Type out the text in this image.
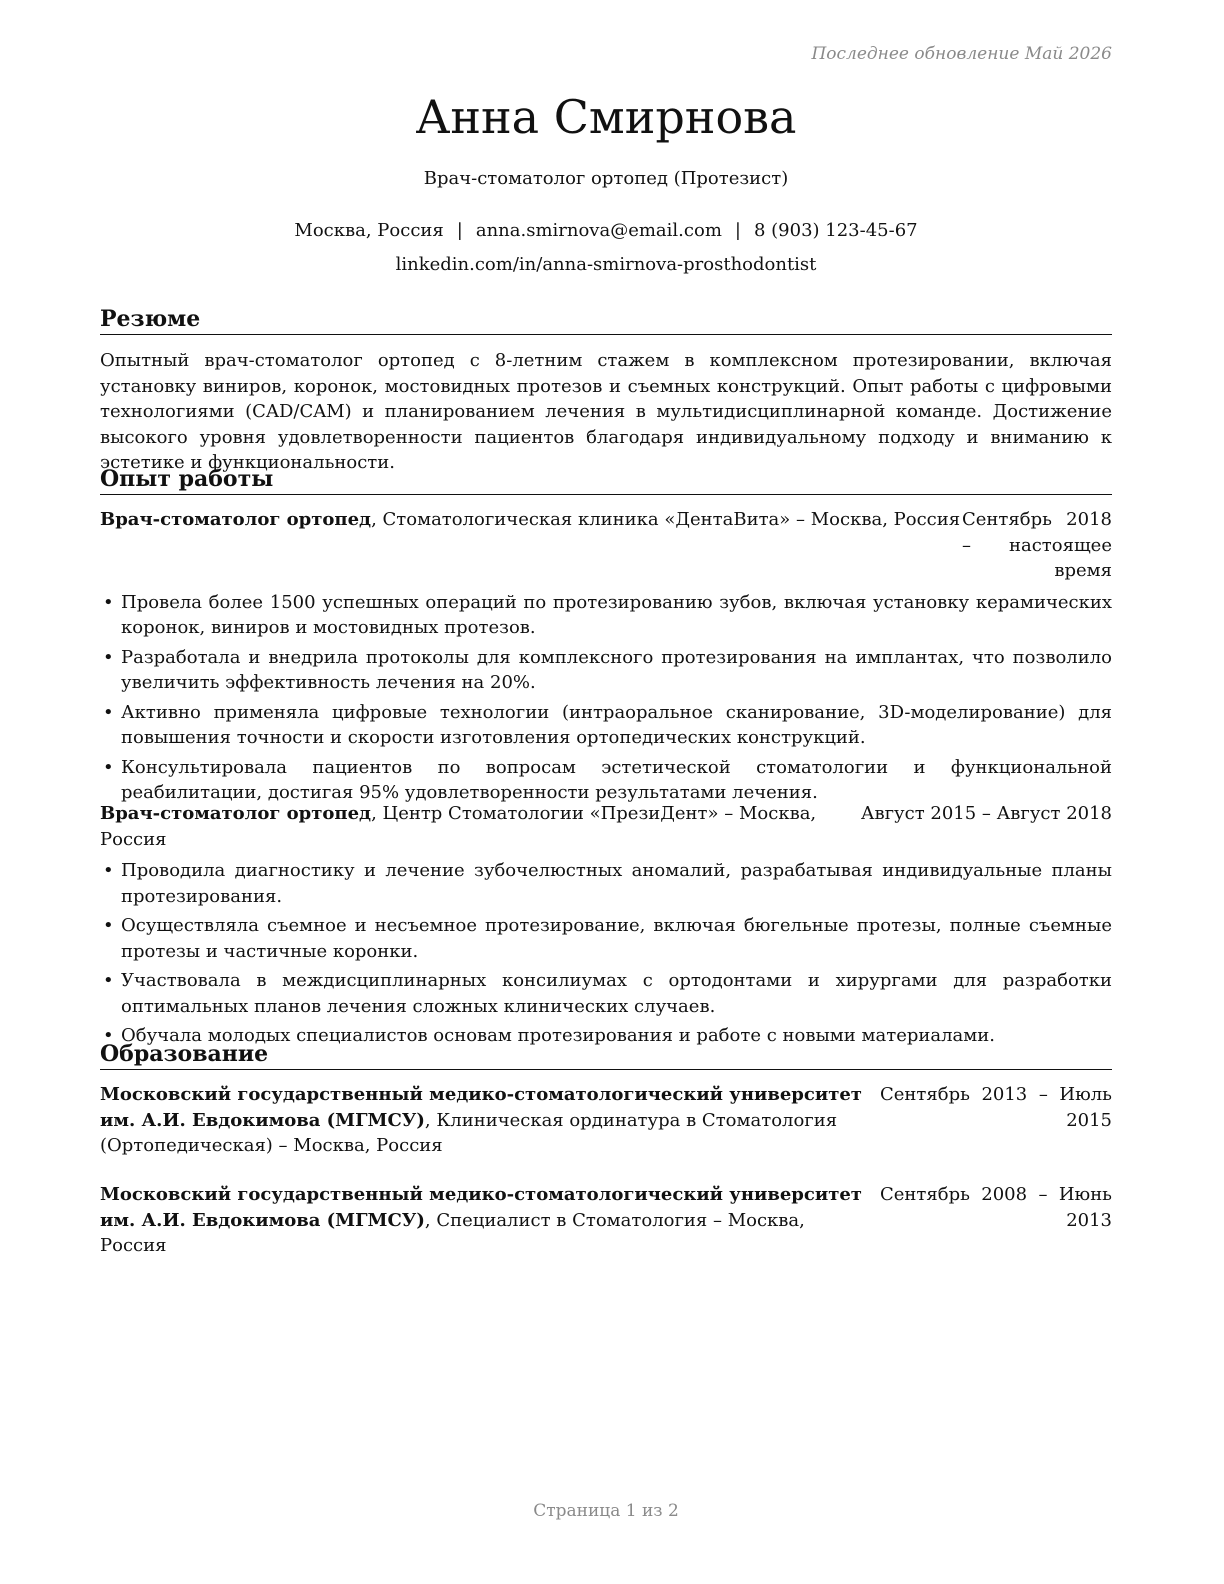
Последнее обновление Май 2026
Анна Смирнова
Врач-стоматолог ортопед (Протезист)
Москва, Россия | anna.smirnova@email.com | 8 (903) 123-45-67
linkedin.com/in/anna-smirnova-prosthodontist
Резюме
Опытный врач-стоматолог ортопед с 8-летним стажем в комплексном протезировании, включая установку виниров, коронок, мостовидных протезов и съемных конструкций. Опыт работы с цифровыми технологиями (CAD/CAM) и планированием лечения в мультидисциплинарной команде. Достижение высокого уровня удовлетворенности пациентов благодаря индивидуальному подходу и вниманию к эстетике и функциональности.
Опыт работы
Врач-стоматолог ортопед, Стоматологическая клиника «ДентаВита» – Москва, Россия Сентябрь 2018 – настоящее время
• Провела более 1500 успешных операций по протезированию зубов, включая установку керамических коронок, виниров и мостовидных протезов.
• Разработала и внедрила протоколы для комплексного протезирования на имплантах, что позволило увеличить эффективность лечения на 20%.
• Активно применяла цифровые технологии (интраоральное сканирование, 3D-моделирование) для повышения точности и скорости изготовления ортопедических конструкций.
• Консультировала пациентов по вопросам эстетической стоматологии и функциональной реабилитации, достигая 95% удовлетворенности результатами лечения.
Врач-стоматолог ортопед, Центр Стоматологии «ПрезиДент» – Москва, Россия
Август 2015 – Август 2018
• Проводила диагностику и лечение зубочелюстных аномалий, разрабатывая индивидуальные планы протезирования.
• Осуществляла съемное и несъемное протезирование, включая бюгельные протезы, полные съемные протезы и частичные коронки.
• Участвовала в междисциплинарных консилиумах с ортодонтами и хирургами для разработки оптимальных планов лечения сложных клинических случаев.
• Обучала молодых специалистов основам протезирования и работе с новыми материалами.
Образование
Московский государственный медико-стоматологический университет им. А.И. Евдокимова (МГМСУ), Клиническая ординатура в Стоматология (Ортопедическая) – Москва, Россия
Сентябрь 2013 – Июль 2015
Московский государственный медико-стоматологический университет им. А.И. Евдокимова (МГМСУ), Специалист в Стоматология – Москва, Россия
Сентябрь 2008 – Июнь 2013
Страница 1 из 2
